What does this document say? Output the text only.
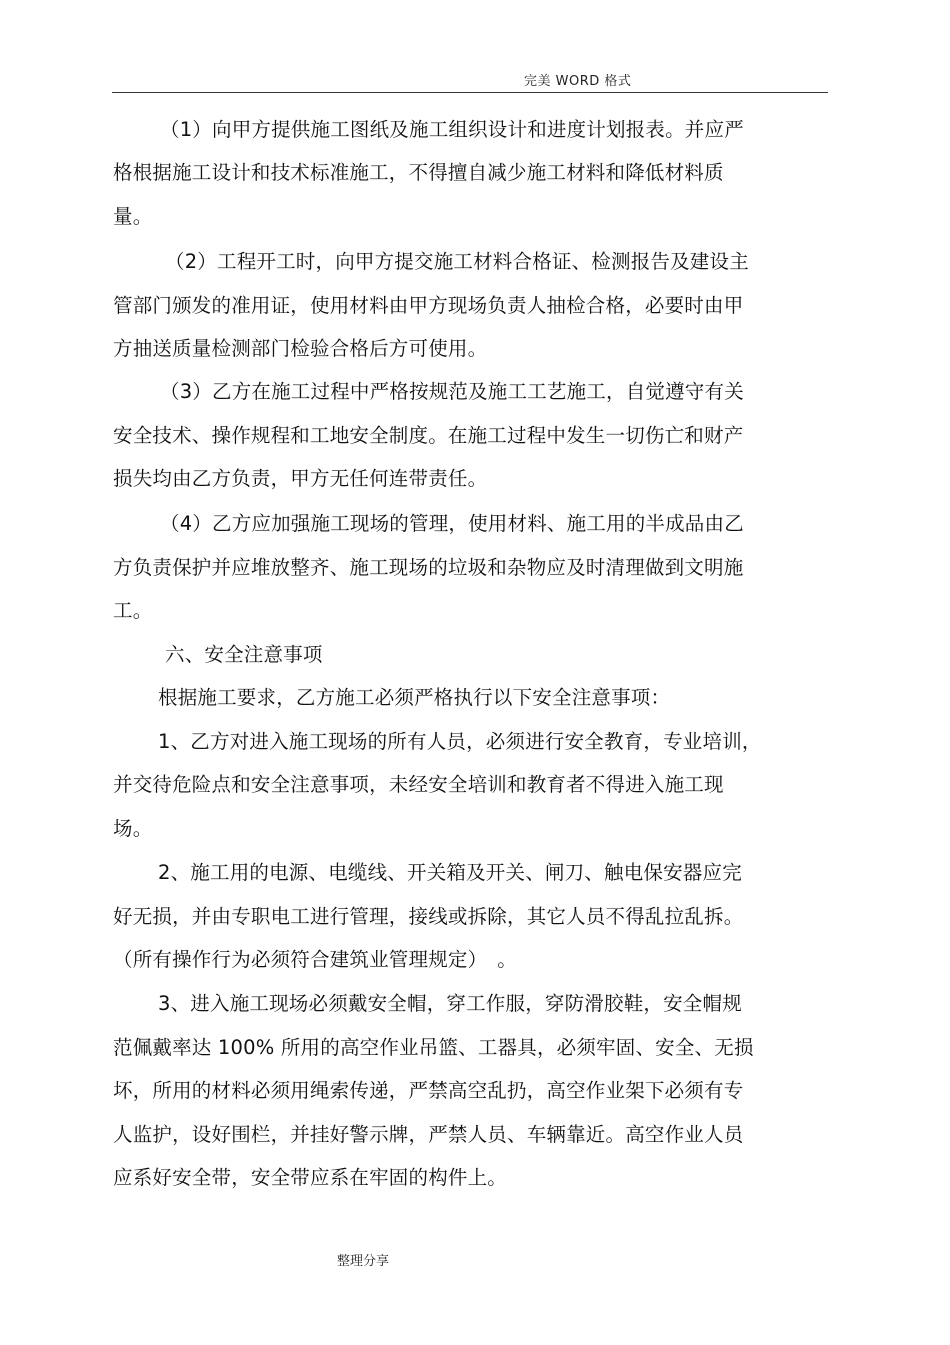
完美 WORD 格式
（1）向甲方提供施工图纸及施工组织设计和进度计划报表。并应严
格根据施工设计和技术标准施工，不得擅自减少施工材料和降低材料质
量。
（2）工程开工时，向甲方提交施工材料合格证、检测报告及建设主
管部门颁发的准用证，使用材料由甲方现场负责人抽检合格，必要时由甲
方抽送质量检测部门检验合格后方可使用。
（3）乙方在施工过程中严格按规范及施工工艺施工，自觉遵守有关
安全技术、操作规程和工地安全制度。在施工过程中发生一切伤亡和财产
损失均由乙方负责，甲方无任何连带责任。
（4）乙方应加强施工现场的管理，使用材料、施工用的半成品由乙
方负责保护并应堆放整齐、施工现场的垃圾和杂物应及时清理做到文明施
工。
六、安全注意事项
根据施工要求，乙方施工必须严格执行以下安全注意事项：
1、乙方对进入施工现场的所有人员，必须进行安全教育，专业培训，
并交待危险点和安全注意事项，未经安全培训和教育者不得进入施工现
场。
2、施工用的电源、电缆线、开关箱及开关、闸刀、触电保安器应完
好无损，并由专职电工进行管理，接线或拆除，其它人员不得乱拉乱拆。
（所有操作行为必须符合建筑业管理规定）　。
3、进入施工现场必须戴安全帽，穿工作服，穿防滑胶鞋，安全帽规
范佩戴率达 100% 所用的高空作业吊篮、工器具，必须牢固、安全、无损
坏，所用的材料必须用绳索传递，严禁高空乱扔，高空作业架下必须有专
人监护，设好围栏，并挂好警示牌，严禁人员、车辆靠近。高空作业人员
应系好安全带，安全带应系在牢固的构件上。
整理分享
